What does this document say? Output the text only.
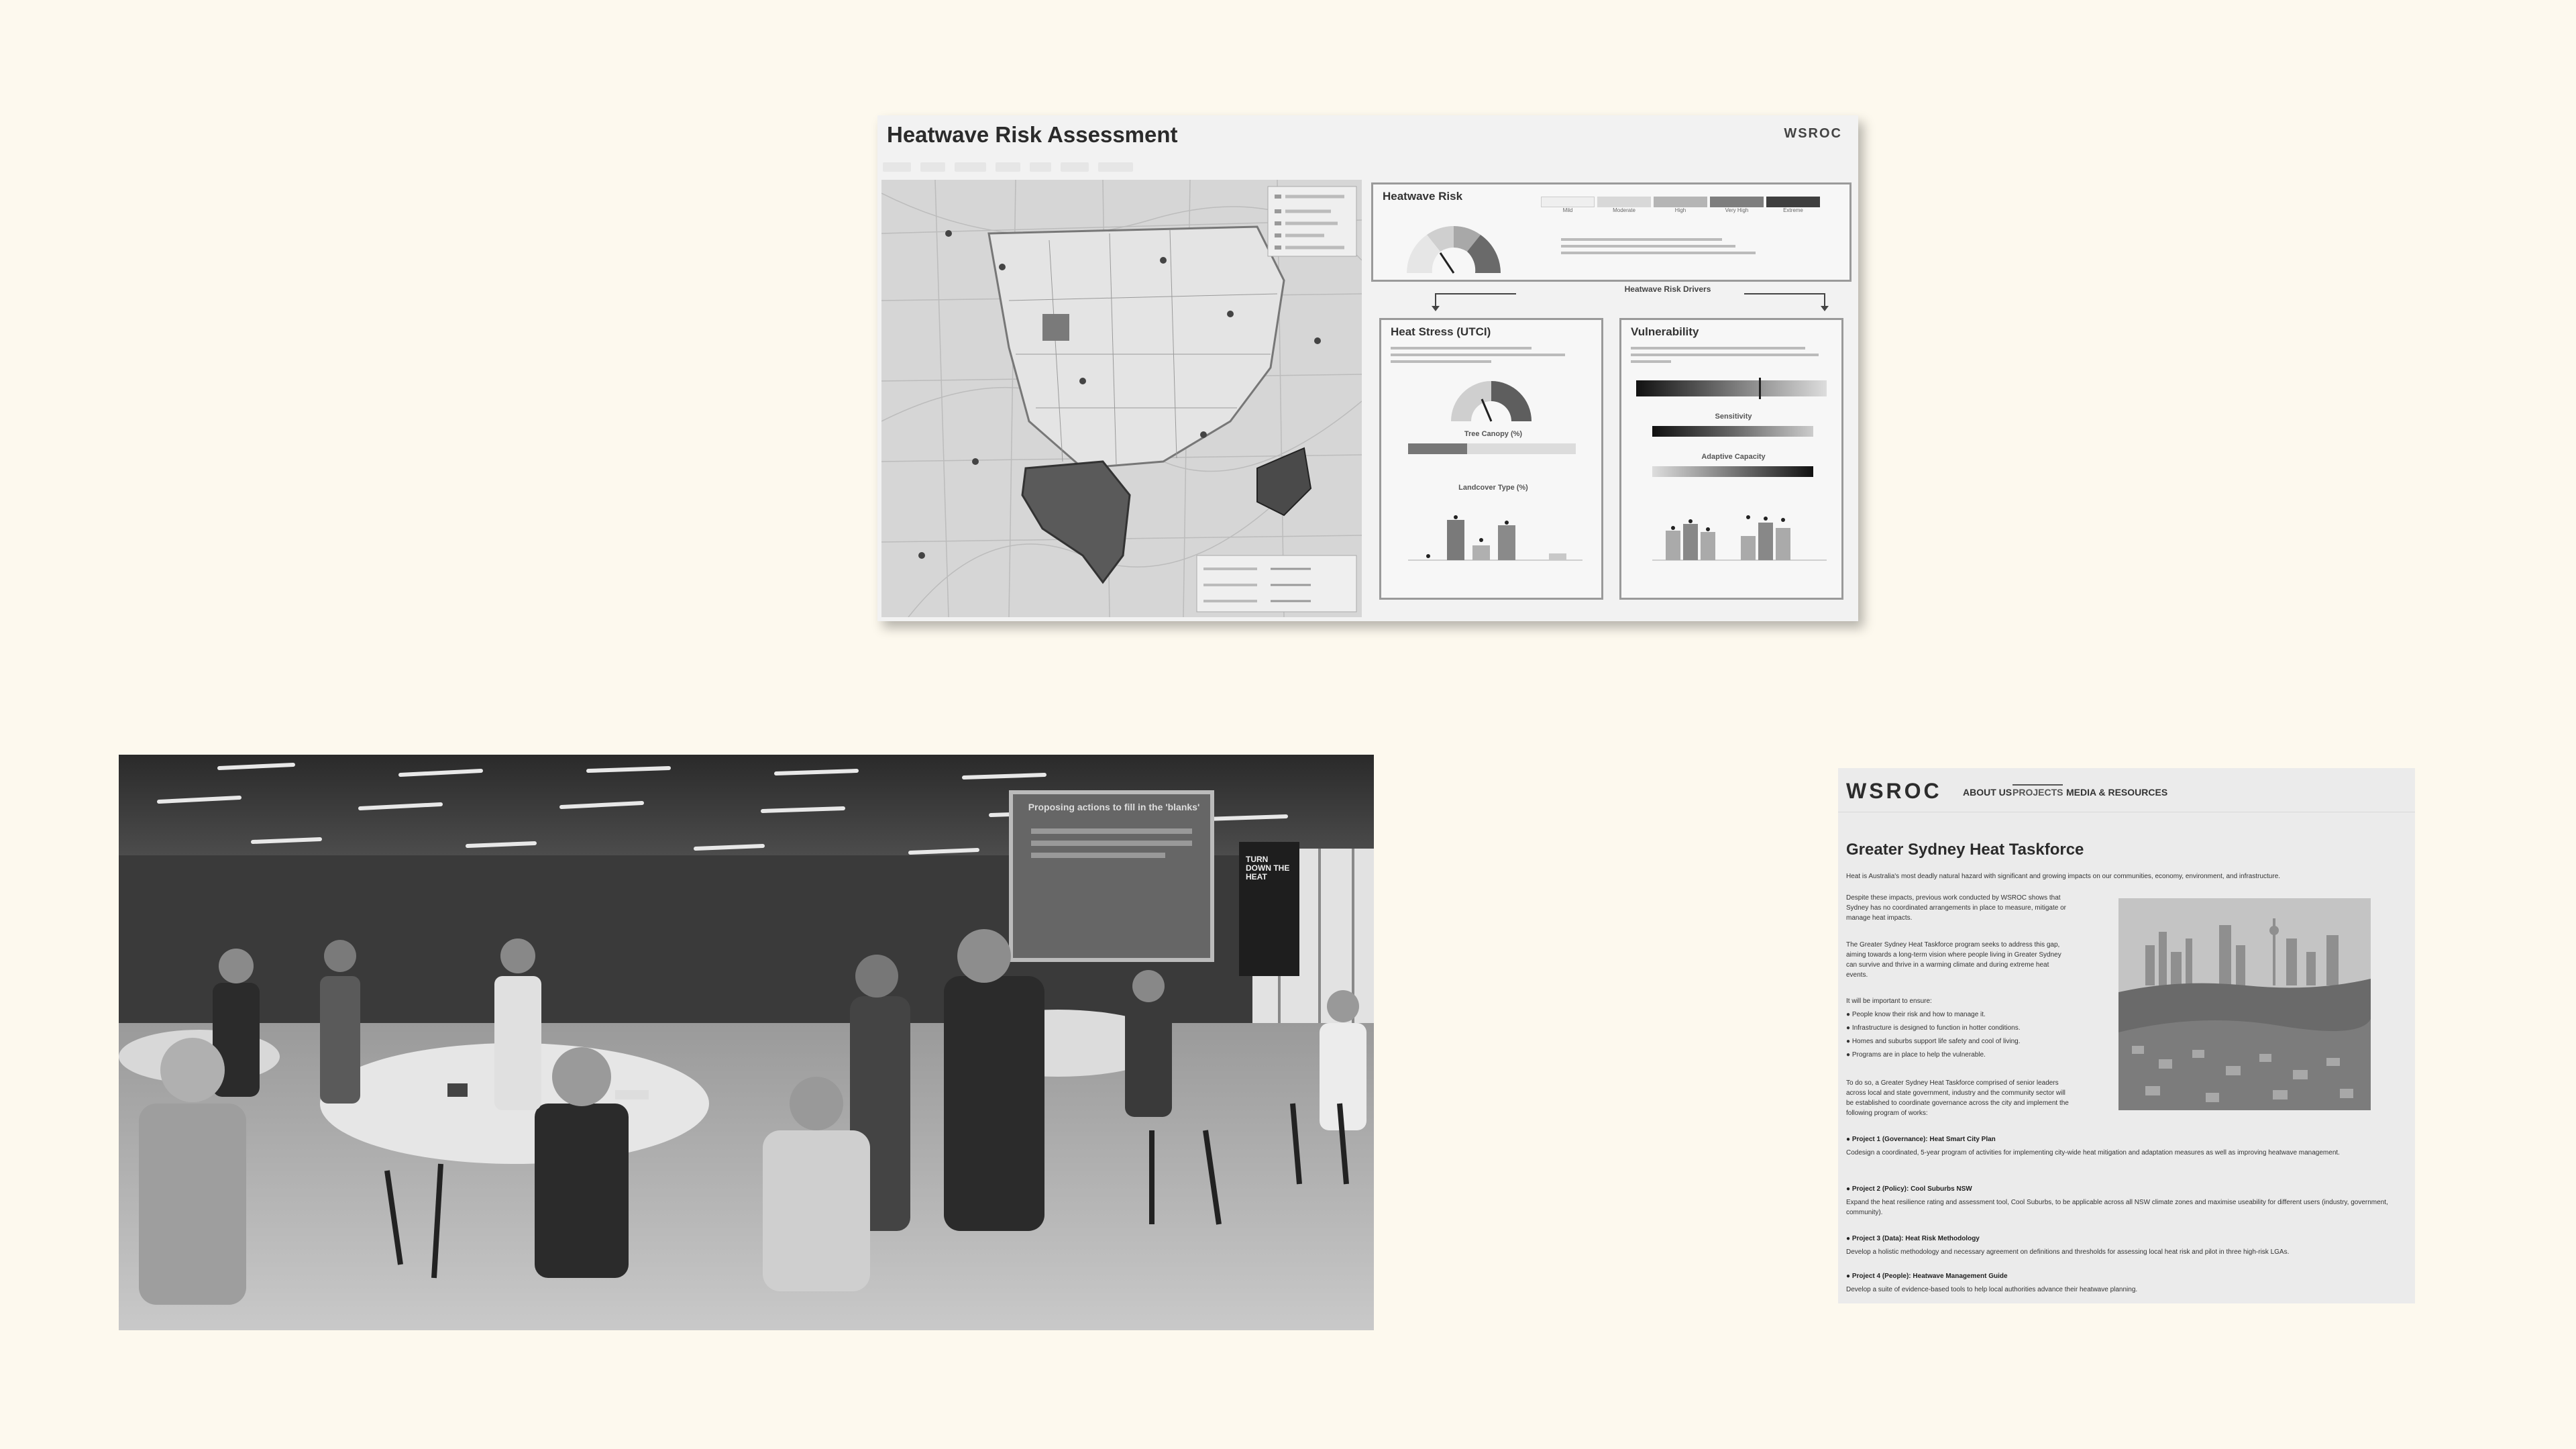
Heatwave Risk Assessment	WSROC

Heatwave Risk
Mild	Moderate	High	Very High	Extreme
Heatwave Risk Drivers
Heat Stress (UTCI)
Tree Canopy (%)
Landcover Type (%)
Vulnerability
Sensitivity
Adaptive Capacity
Proposing actions to fill in the 'blanks'
TURN DOWN THE HEAT
WSROC ABOUT US PROJECTS MEDIA & RESOURCES
Greater Sydney Heat Taskforce
Heat is Australia's most deadly natural hazard with significant and growing impacts on our communities, economy, environment, and infrastructure.
Despite these impacts, previous work conducted by WSROC shows that
Sydney has no coordinated arrangements in place to measure, mitigate or
manage heat impacts.
The Greater Sydney Heat Taskforce program seeks to address this gap,
aiming towards a long-term vision where people living in Greater Sydney
can survive and thrive in a warming climate and during extreme heat
events.
It will be important to ensure:
● People know their risk and how to manage it.
● Infrastructure is designed to function in hotter conditions.
● Homes and suburbs support life safety and cool of living.
● Programs are in place to help the vulnerable.
To do so, a Greater Sydney Heat Taskforce comprised of senior leaders
across local and state government, industry and the community sector will
be established to coordinate governance across the city and implement the
following program of works:
● Project 1 (Governance): Heat Smart City Plan
Codesign a coordinated, 5-year program of activities for implementing city-wide heat mitigation and adaptation measures as well as improving heatwave management.
● Project 2 (Policy): Cool Suburbs NSW
Expand the heat resilience rating and assessment tool, Cool Suburbs, to be applicable across all NSW climate zones and maximise useability for different users (industry, government, community).
● Project 3 (Data): Heat Risk Methodology
Develop a holistic methodology and necessary agreement on definitions and thresholds for assessing local heat risk and pilot in three high-risk LGAs.
● Project 4 (People): Heatwave Management Guide
Develop a suite of evidence-based tools to help local authorities advance their heatwave planning.
